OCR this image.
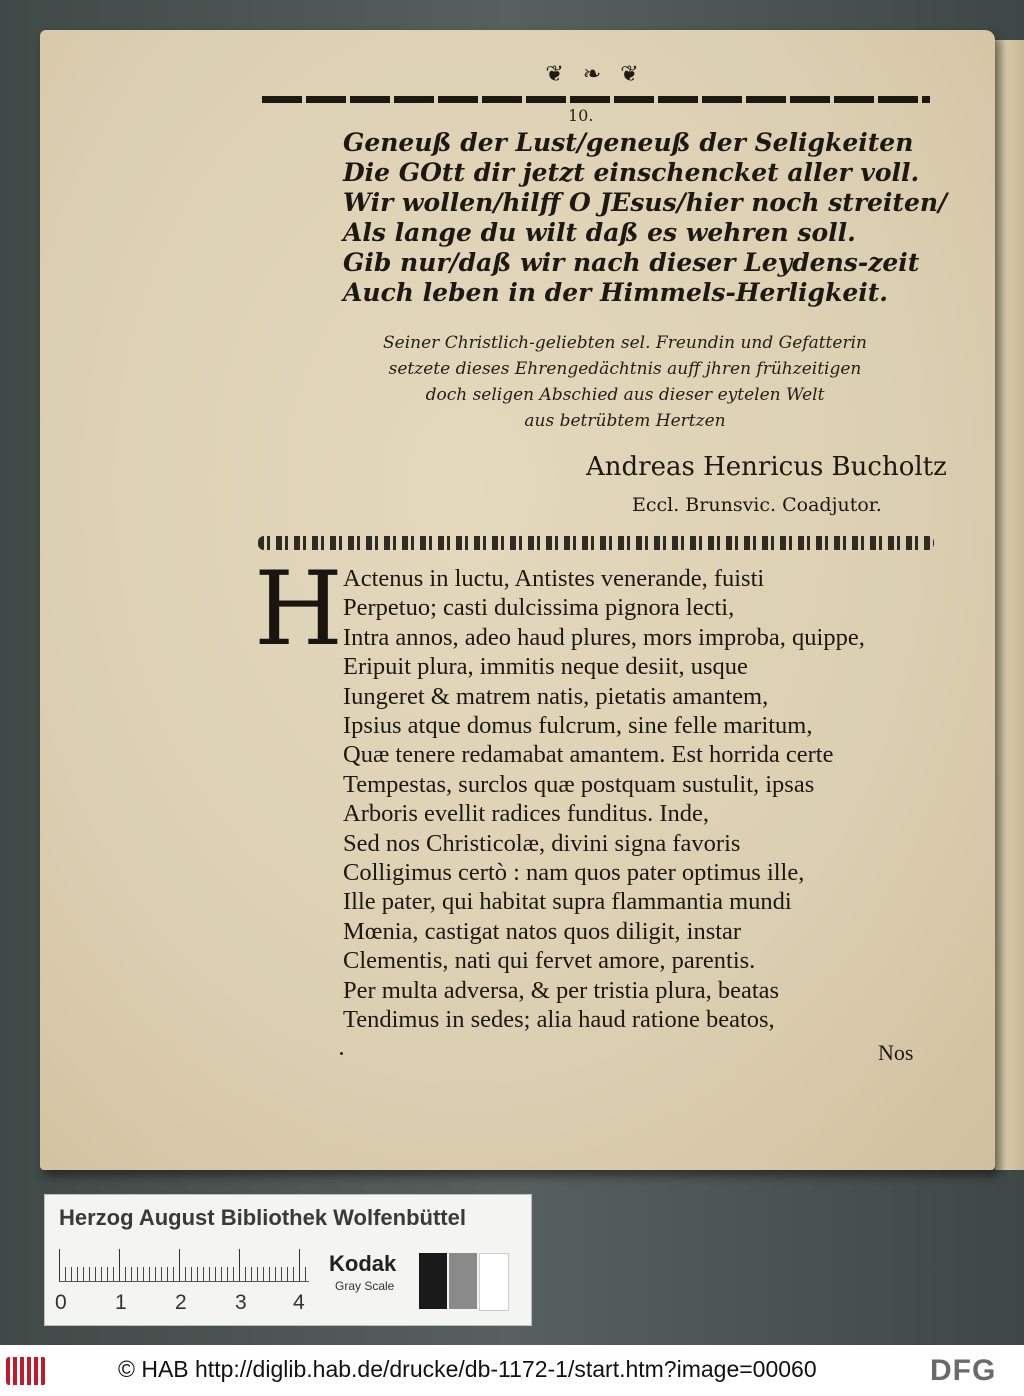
❦ ❧ ❦
10.
Geneuß der Lust/geneuß der Seligkeiten
Die GOtt dir jetzt einschencket aller voll.
Wir wollen/hilff O JEsus/hier noch streiten/
Als lange du wilt daß es wehren soll.
Gib nur/daß wir nach dieser Leydens-zeit
Auch leben in der Himmels-Herligkeit.
Seiner Christlich-geliebten sel. Freundin und Gefatterin
setzete dieses Ehrengedächtnis auff jhren frühzeitigen
doch seligen Abschied aus dieser eytelen Welt
aus betrübtem Hertzen
Andreas Henricus Bucholtz
Eccl. Brunsvic. Coadjutor.
H Actenus in luctu, Antistes venerande, fuisti
Perpetuo; casti dulcissima pignora lecti,
Intra annos, adeo haud plures, mors improba, quippe,
Eripuit plura, immitis neque desiit, usque
Iungeret & matrem natis, pietatis amantem,
Ipsius atque domus fulcrum, sine felle maritum,
Quæ tenere redamabat amantem. Est horrida certe
Tempestas, surclos quæ postquam sustulit, ipsas
Arboris evellit radices funditus. Inde,
Sed nos Christicolæ, divini signa favoris
Colligimus certò : nam quos pater optimus ille,
Ille pater, qui habitat supra flammantia mundi
Mœnia, castigat natos quos diligit, instar
Clementis, nati qui fervet amore, parentis.
Per multa adversa, & per tristia plura, beatas
Tendimus in sedes; alia haud ratione beatos,
Nos
Herzog August Bibliothek Wolfenbüttel
0 1 2 3 4
Kodak
Gray Scale
© HAB http://diglib.hab.de/drucke/db-1172-1/start.htm?image=00060	DFG
